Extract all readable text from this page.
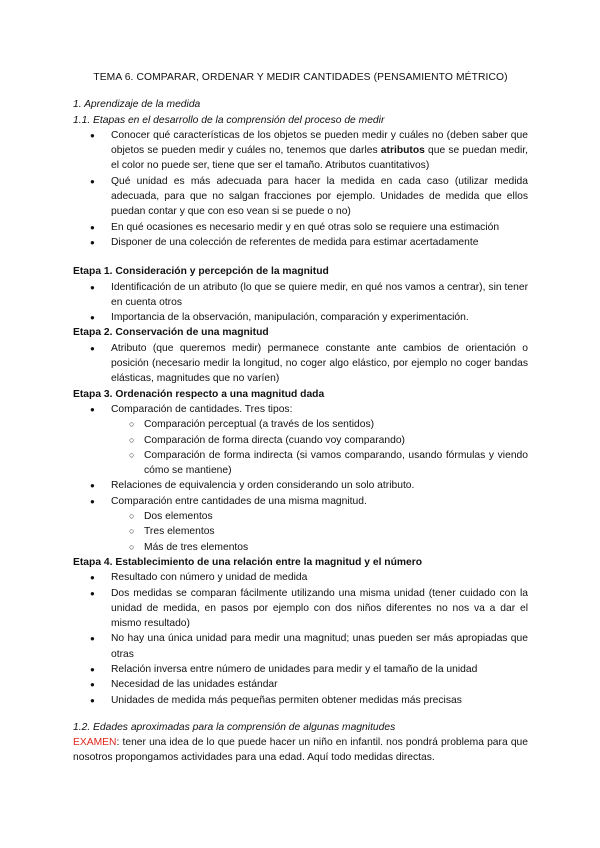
TEMA 6. COMPARAR, ORDENAR Y MEDIR CANTIDADES (PENSAMIENTO MÉTRICO)

1. Aprendizaje de la medida

1.1. Etapas en el desarrollo de la comprensión del proceso de medir

● Conocer qué características de los objetos se pueden medir y cuáles no (deben saber que objetos se pueden medir y cuáles no, tenemos que darles atributos que se puedan medir, el color no puede ser, tiene que ser el tamaño. Atributos cuantitativos)
● Qué unidad es más adecuada para hacer la medida en cada caso (utilizar medida adecuada, para que no salgan fracciones por ejemplo. Unidades de medida que ellos puedan contar y que con eso vean si se puede o no)
● En qué ocasiones es necesario medir y en qué otras solo se requiere una estimación
● Disponer de una colección de referentes de medida para estimar acertadamente

Etapa 1. Consideración y percepción de la magnitud

● Identificación de un atributo (lo que se quiere medir, en qué nos vamos a centrar), sin tener en cuenta otros
● Importancia de la observación, manipulación, comparación y experimentación.

Etapa 2. Conservación de una magnitud

● Atributo (que queremos medir) permanece constante ante cambios de orientación o posición (necesario medir la longitud, no coger algo elástico, por ejemplo no coger bandas elásticas, magnitudes que no varíen)

Etapa 3. Ordenación respecto a una magnitud dada

● Comparación de cantidades. Tres tipos:
○ Comparación perceptual (a través de los sentidos)
○ Comparación de forma directa (cuando voy comparando)
○ Comparación de forma indirecta (si vamos comparando, usando fórmulas y viendo cómo se mantiene)
● Relaciones de equivalencia y orden considerando un solo atributo.
● Comparación entre cantidades de una misma magnitud.
○ Dos elementos
○ Tres elementos
○ Más de tres elementos

Etapa 4. Establecimiento de una relación entre la magnitud y el número

● Resultado con número y unidad de medida
● Dos medidas se comparan fácilmente utilizando una misma unidad (tener cuidado con la unidad de medida, en pasos por ejemplo con dos niños diferentes no nos va a dar el mismo resultado)
● No hay una única unidad para medir una magnitud; unas pueden ser más apropiadas que otras
● Relación inversa entre número de unidades para medir y el tamaño de la unidad
● Necesidad de las unidades estándar
● Unidades de medida más pequeñas permiten obtener medidas más precisas

1.2. Edades aproximadas para la comprensión de algunas magnitudes

EXAMEN: tener una idea de lo que puede hacer un niño en infantil. nos pondrá problema para que nosotros propongamos actividades para una edad. Aquí todo medidas directas.
